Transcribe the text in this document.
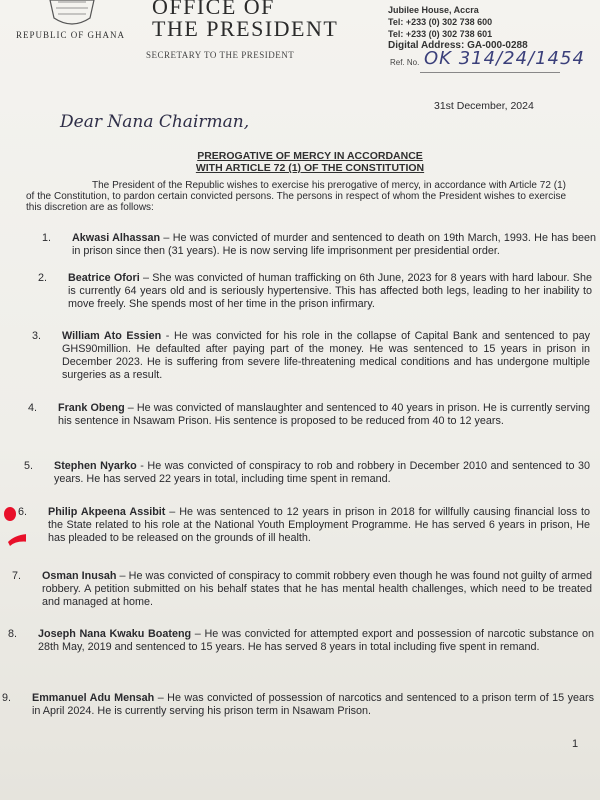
REPUBLIC OF GHANA
OFFICE OF
THE PRESIDENT
SECRETARY TO THE PRESIDENT
Jubilee House, Accra
Tel: +233 (0) 302 738 600
Tel: +233 (0) 302 738 601
Digital Address: GA-000-0288
Ref. No. OK 314/24/1454
31st December, 2024
Dear Nana Chairman,
PREROGATIVE OF MERCY IN ACCORDANCE
WITH ARTICLE 72 (1) OF THE CONSTITUTION
The President of the Republic wishes to exercise his prerogative of mercy, in accordance with Article 72 (1) of the Constitution, to pardon certain convicted persons. The persons in respect of whom the President wishes to exercise this discretion are as follows:
1. Akwasi Alhassan – He was convicted of murder and sentenced to death on 19th March, 1993. He has been in prison since then (31 years). He is now serving life imprisonment per presidential order.
2. Beatrice Ofori – She was convicted of human trafficking on 6th June, 2023 for 8 years with hard labour. She is currently 64 years old and is seriously hypertensive. This has affected both legs, leading to her inability to move freely. She spends most of her time in the prison infirmary.
3. William Ato Essien - He was convicted for his role in the collapse of Capital Bank and sentenced to pay GHS90million. He defaulted after paying part of the money. He was sentenced to 15 years in prison in December 2023. He is suffering from severe life-threatening medical conditions and has undergone multiple surgeries as a result.
4. Frank Obeng – He was convicted of manslaughter and sentenced to 40 years in prison. He is currently serving his sentence in Nsawam Prison. His sentence is proposed to be reduced from 40 to 12 years.
5. Stephen Nyarko - He was convicted of conspiracy to rob and robbery in December 2010 and sentenced to 30 years. He has served 22 years in total, including time spent in remand.
6. Philip Akpeena Assibit – He was sentenced to 12 years in prison in 2018 for willfully causing financial loss to the State related to his role at the National Youth Employment Programme. He has served 6 years in prison, He has pleaded to be released on the grounds of ill health.
7. Osman Inusah – He was convicted of conspiracy to commit robbery even though he was found not guilty of armed robbery. A petition submitted on his behalf states that he has mental health challenges, which need to be treated and managed at home.
8. Joseph Nana Kwaku Boateng – He was convicted for attempted export and possession of narcotic substance on 28th May, 2019 and sentenced to 15 years. He has served 8 years in total including five spent in remand.
9. Emmanuel Adu Mensah – He was convicted of possession of narcotics and sentenced to a prison term of 15 years in April 2024. He is currently serving his prison term in Nsawam Prison.
1
